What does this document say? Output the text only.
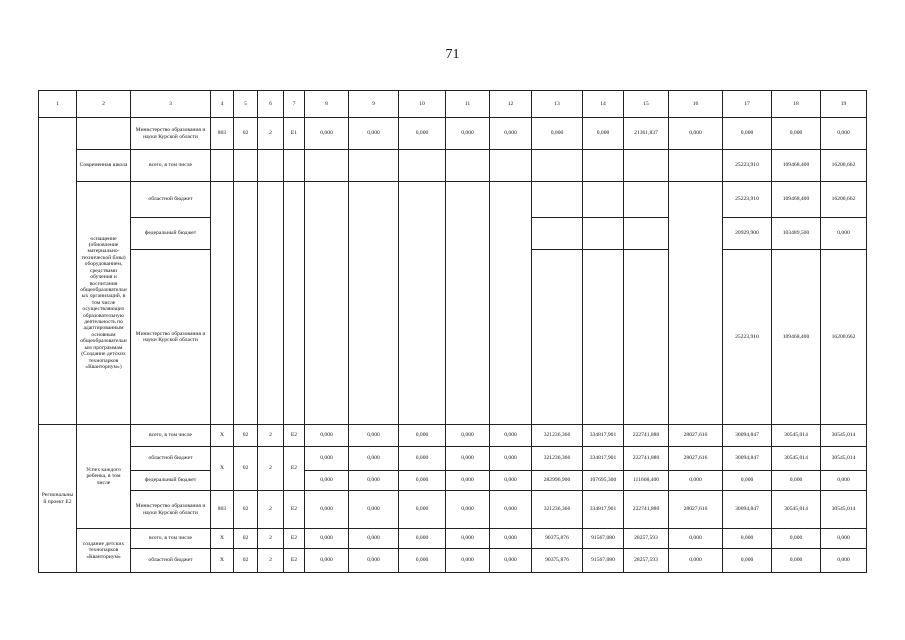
71
1	2	3	4	5	6	7	8	9	10	11	12	13	14	15	16	17	18	19
		Министерство образования и науки Курской области	803	02	2	E1	0,000	0,000	0,000	0,000	0,000	0,000	0,000	21361,837	0,000	0,000	0,000	0,000
	Современная школа	всего, в том числе														25223,910	109468,400	16200,662
	оснащение (обновление материально-технической базы) оборудованием, средствами обучения и воспитания общеобразовательных организаций, в том числе осуществляющих образовательную деятельность по адаптированным основным общеобразовательным программам (Создание детских технопарков «Кванториум»)	областной бюджет														25223,910	109468,400	16200,662
		федеральный бюджет														20929,900	103489,500	0,000
		Министерство образования и науки Курской области														25223,910	109468,400	16200,662

Региональный проект E2	Успех каждого ребенка, в том числе	всего, в том числе	X	02	2	E2	0,000	0,000	0,000	0,000	0,000	321236,366	334817,901	222741,880	28027,616	30094,847	30545,014	30545,014
		областной бюджет	X	02	2	E2	0,000	0,000	0,000	0,000	0,000	321236,366	334817,901	222741,880	28027,616	30094,847	30545,014	30545,014
		федеральный бюджет					0,000	0,000	0,000	0,000	0,000	282996,900	107695,300	111668,400	0,000	0,000	0,000	0,000
		Министерство образования и науки Курской области	803	02	2	E2	0,000	0,000	0,000	0,000	0,000	321236,366	334817,901	222741,880	28027,616	30094,847	30545,014	30545,014
	создание детских технопарков «Кванториум»	всего, в том числе	X	02	2	E2	0,000	0,000	0,000	0,000	0,000	90375,876	91567,080	28257,593	0,000	0,000	0,000	0,000
		областной бюджет	X	02	2	E2	0,000	0,000	0,000	0,000	0,000	90375,876	91567,080	28257,593	0,000	0,000	0,000	0,000
